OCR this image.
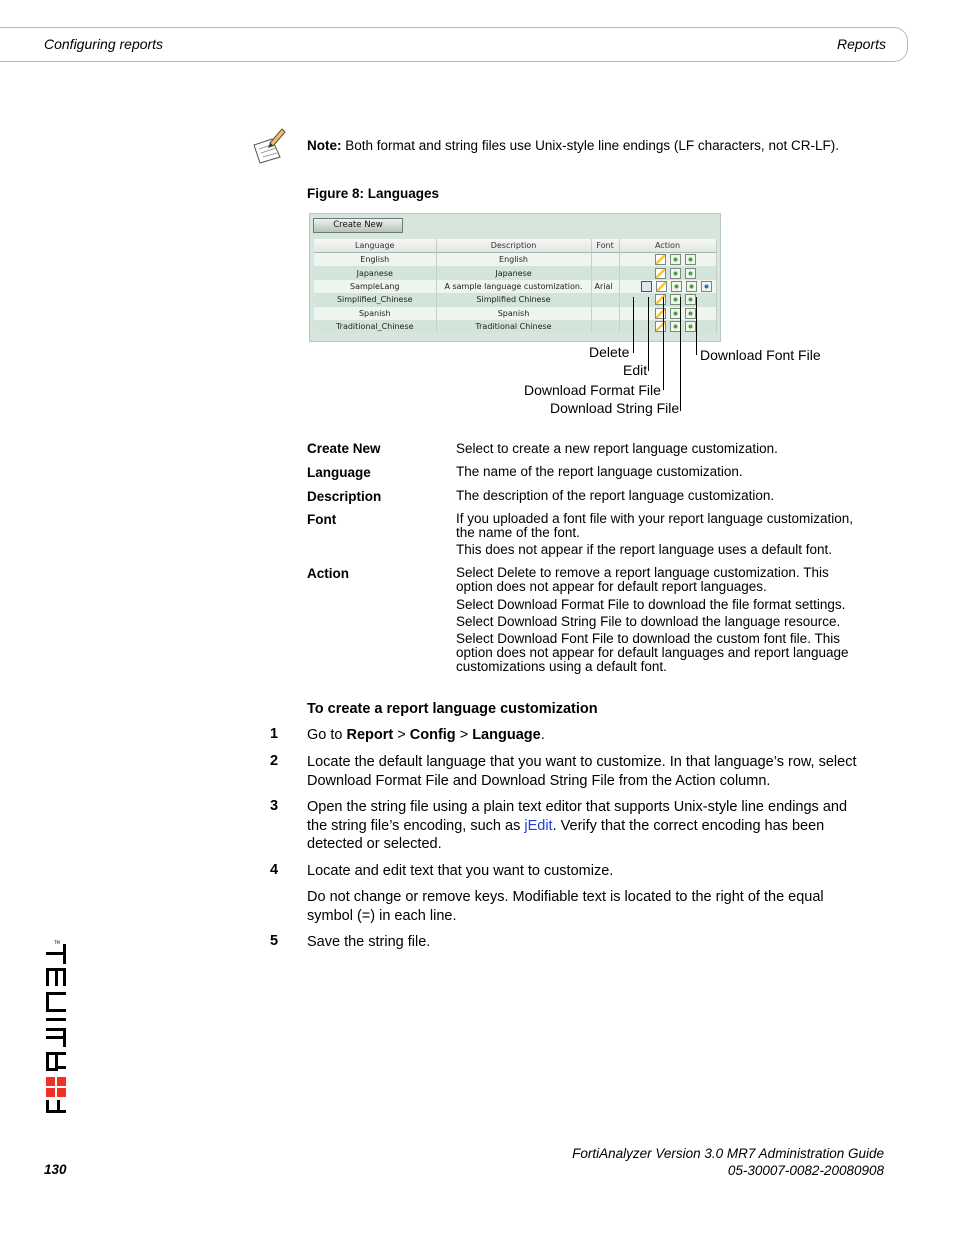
Configuring reports	Reports
Note: Both format and string files use Unix-style line endings (LF characters, not CR-LF).
Figure 8: Languages
Create New
Language	Description	Font	Action
English	English		
Japanese	Japanese		
SampleLang	A sample language customization.	Arial	
Simplified_Chinese	Simplified Chinese		
Spanish	Spanish		
Traditional_Chinese	Traditional Chinese		
Delete
Edit
Download Format File
Download String File
Download Font File
Create New	Select to create a new report language customization.
Language	The name of the report language customization.
Description	The description of the report language customization.
Font	If you uploaded a font file with your report language customization, the name of the font.
This does not appear if the report language uses a default font.
Action	Select Delete to remove a report language customization. This option does not appear for default report languages.
Select Download Format File to download the file format settings.
Select Download String File to download the language resource.
Select Download Font File to download the custom font file. This option does not appear for default languages and report language customizations using a default font.
To create a report language customization
1 Go to Report > Config > Language.
2 Locate the default language that you want to customize. In that language’s row, select Download Format File and Download String File from the Action column.
3 Open the string file using a plain text editor that supports Unix-style line endings and the string file’s encoding, such as jEdit. Verify that the correct encoding has been detected or selected.
4 Locate and edit text that you want to customize.
Do not change or remove keys. Modifiable text is located to the right of the equal symbol (=) in each line.
5 Save the string file.
TM
130
FortiAnalyzer Version 3.0 MR7 Administration Guide
05-30007-0082-20080908
